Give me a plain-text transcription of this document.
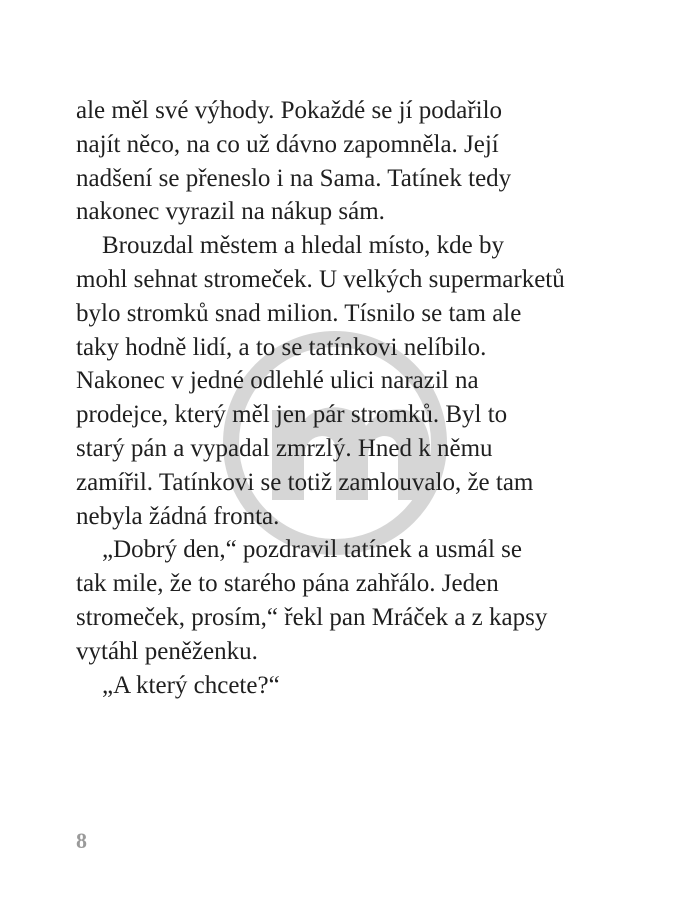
ale měl své výhody. Pokaždé se jí podařilo
najít něco, na co už dávno zapomněla. Její
nadšení se přeneslo i na Sama. Tatínek tedy
nakonec vyrazil na nákup sám.
Brouzdal městem a hledal místo, kde by
mohl sehnat stromeček. U velkých supermarketů
bylo stromků snad milion. Tísnilo se tam ale
taky hodně lidí, a to se tatínkovi nelíbilo.
Nakonec v jedné odlehlé ulici narazil na
prodejce, který měl jen pár stromků. Byl to
starý pán a vypadal zmrzlý. Hned k němu
zamířil. Tatínkovi se totiž zamlouvalo, že tam
nebyla žádná fronta.
„Dobrý den,“ pozdravil tatínek a usmál se
tak mile, že to starého pána zahřálo. Jeden
stromeček, prosím,“ řekl pan Mráček a z kapsy
vytáhl peněženku.
„A který chcete?“
8
